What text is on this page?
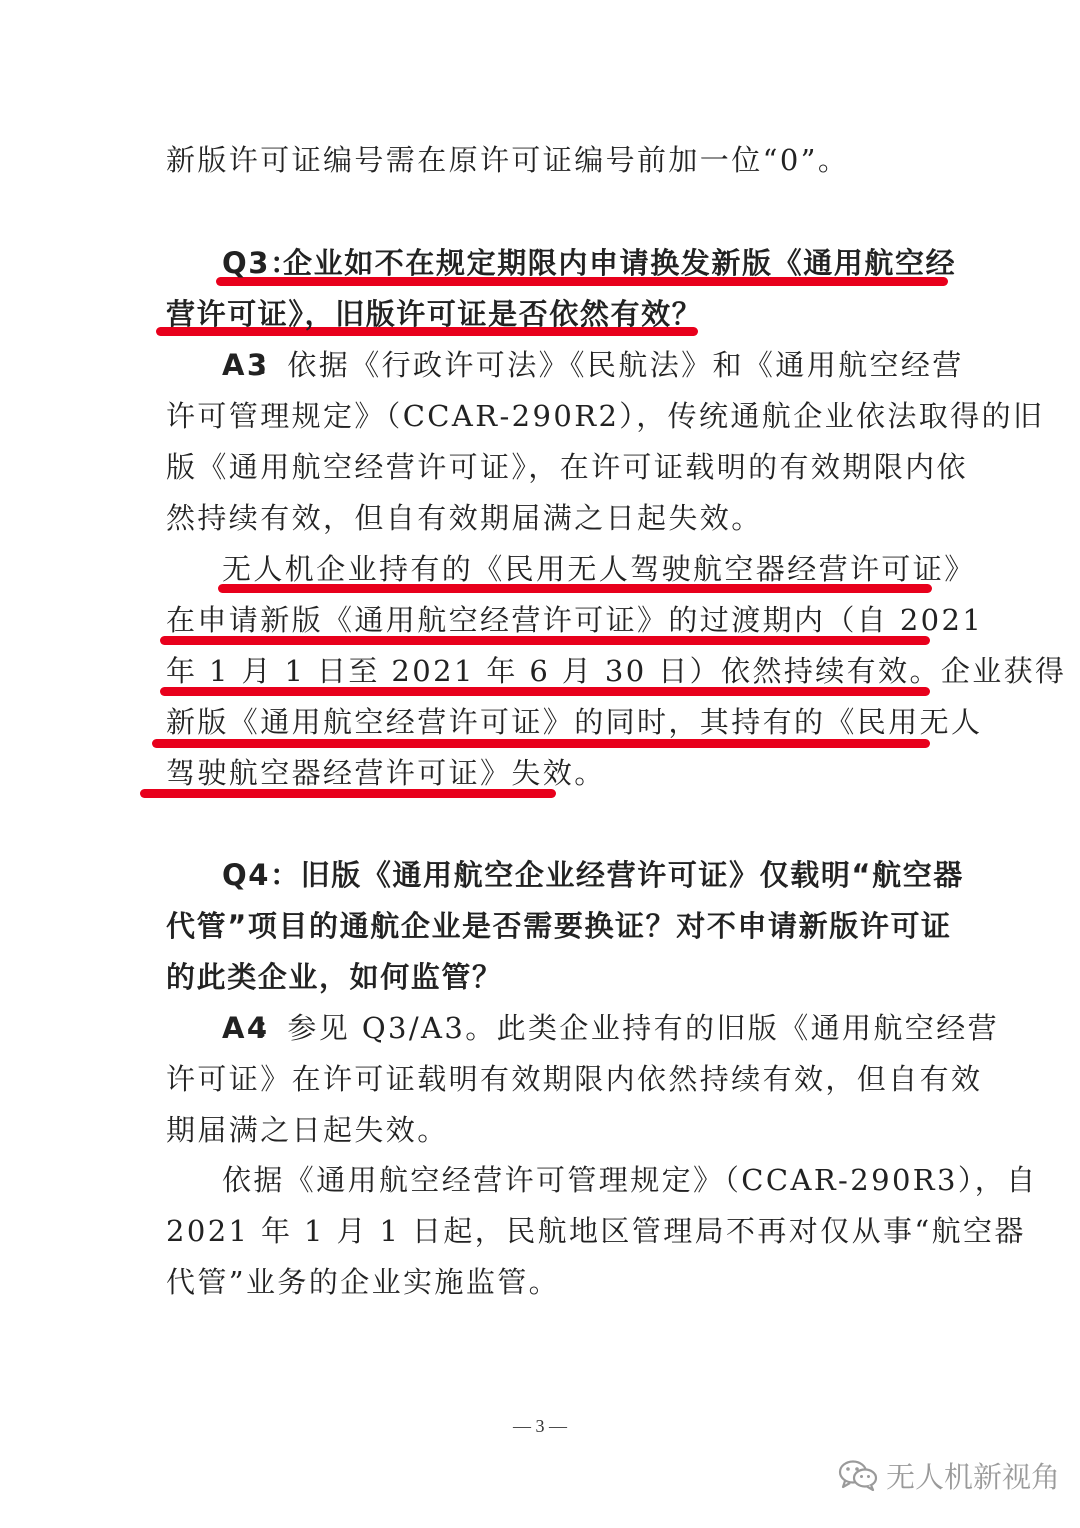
新版许可证编号需在原许可证编号前加一位“0”。
Q3：
企业如不在规定期限内申请换发新版《通用航空经
营许可证》，旧版许可证是否依然有效？
A3
：依据《行政许可法》《民航法》和《通用航空经营
许可管理规定》（CCAR-290R2），传统通航企业依法取得的旧
版《通用航空经营许可证》，在许可证载明的有效期限内依
然持续有效，但自有效期届满之日起失效。
无人机企业持有的《民用无人驾驶航空器经营许可证》
在申请新版《通用航空经营许可证》的过渡期内（自 2021
年 1 月 1 日至 2021 年 6 月 30 日）依然持续有效。企业获得
新版《通用航空经营许可证》的同时，其持有的《民用无人
驾驶航空器经营许可证》失效。
Q4：旧版《通用航空企业经营许可证》仅载明“航空器
代管”项目的通航企业是否需要换证？对不申请新版许可证
的此类企业，如何监管？
A4
：参见 Q3/A3。此类企业持有的旧版《通用航空经营
许可证》在许可证载明有效期限内依然持续有效，但自有效
期届满之日起失效。
依据《通用航空经营许可管理规定》（CCAR-290R3），自
2021 年 1 月 1 日起，民航地区管理局不再对仅从事“航空器
代管”业务的企业实施监管。
— 3 —
无人机新视角
